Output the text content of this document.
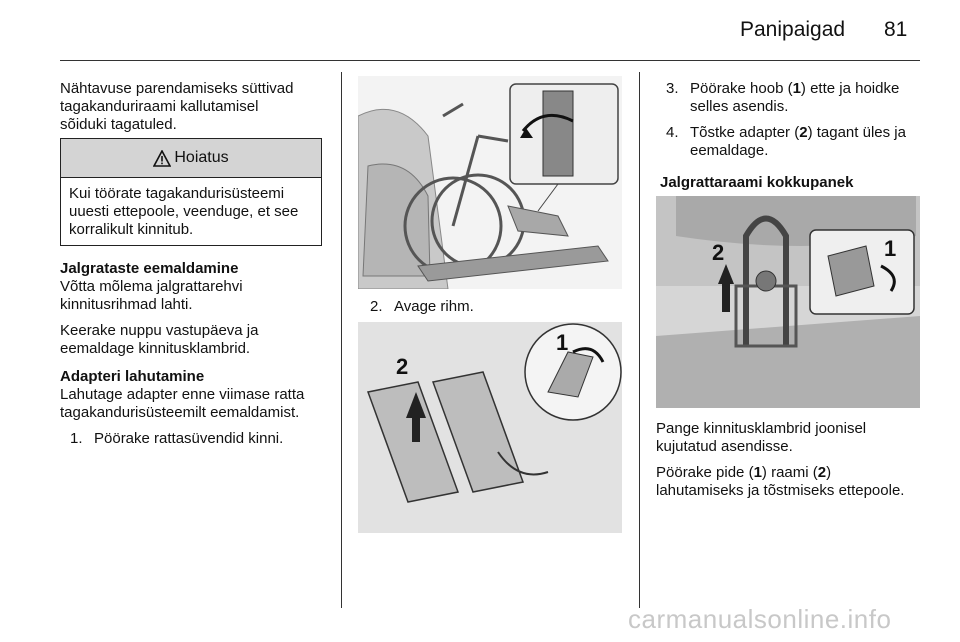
Panipaigad 81

Nähtavuse parendamiseks süttivad

tagakanduriraami kallutamisel

sõiduki tagatuled.

Hoiatus
Kui töörate tagakandurisüsteemi
uuesti ettepoole, veenduge, et see
korralikult kinnitub.

Jalgrataste eemaldamine

Võtta mõlema jalgrattarehvi

kinnitusrihmad lahti.

Keerake nuppu vastupäeva ja

eemaldage kinnitusklambrid.

Adapteri lahutamine

Lahutage adapter enne viimase ratta

tagakandurisüsteemilt eemaldamist.

1. Pöörake rattasüvendid kinni.
2. Avage rihm.
2
1
3. Pöörake hoob (1) ette ja hoidke
selles asendis.
4. Tõstke adapter (2) tagant üles ja
eemaldage.

Jalgrattaraami kokkupanek

2	1

Pange kinnitusklambrid joonisel

kujutatud asendisse.

Pöörake pide (1) raami (2)

lahutamiseks ja tõstmiseks ettepoole.

carmanualsonline.info
